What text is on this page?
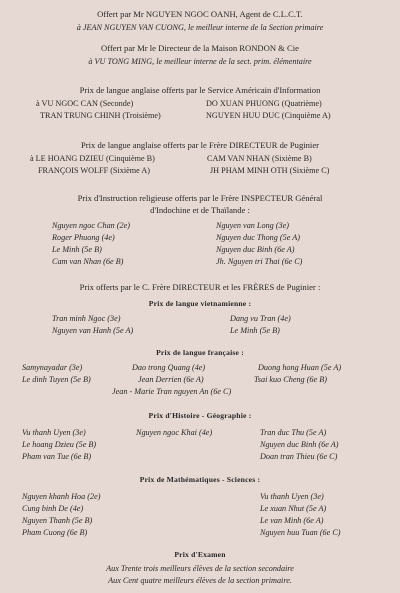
Offert par Mr NGUYEN NGOC OANH, Agent de C.L.C.T.
à JEAN NGUYEN VAN CUONG, le meilleur interne de la Section primaire
Offert par Mr le Directeur de la Maison RONDON & Cie
à VU TONG MING, le meilleur interne de la sect. prim. élémentaire
Prix de langue anglaise offerts par le Service Américain d'Information
à VU NGOC CAN (Seconde)	DO XUAN PHUONG (Quatrième)
TRAN TRUNG CHINH (Troisième)	NGUYEN HUU DUC (Cinquième A)
Prix de langue anglaise offerts par le Frère DIRECTEUR de Puginier
à LE HOANG DZIEU (Cinquième B)	CAM VAN NHAN (Sixième B)
FRANÇOIS WOLFF (Sixième A)	JH PHAM MINH OTH (Sixième C)
Prix d'Instruction religieuse offerts par le Frère INSPECTEUR Général
d'Indochine et de Thaïlande :
Nguyen ngoc Chan (2e)	Nguyen van Long (3e)
Roger Phuong (4e)	Nguyen duc Thong (5e A)
Le Minh (5e B)	Nguyen duc Binh (6e A)
Cam van Nhan (6e B)	Jh. Nguyen tri Thai (6e C)
Prix offerts par le C. Frère DIRECTEUR et les FRÈRES de Puginier :
Prix de langue vietnamienne :
Tran minh Ngoc (3e)	Dang vu Tran (4e)
Nguyen van Hanh (5e A)	Le Minh (5e B)
Prix de langue française :
Samynayadar (3e)	Dao trong Quang (4e)	Duong hong Huan (5e A)
Le dinh Tuyen (5e B)	Jean Derrien (6e A)	Tsai kuo Cheng (6e B)
Jean - Marie Tran nguyen An (6e C)
Prix d'Histoire - Géographie :
Vu thanh Uyen (3e)	Nguyen ngoc Khai (4e)	Tran duc Thu (5e A)
Le hoang Dzieu (5e B)	Nguyen duc Binh (6e A)
Pham van Tue (6e B)	Doan tran Thieu (6e C)
Prix de Mathématiques - Sciences :
Nguyen khanh Hoa (2e)	Vu thanh Uyen (3e)
Cung binh De (4e)	Le xuan Nhut (5e A)
Nguyen Thanh (5e B)	Le van Minh (6e A)
Pham Cuong (6e B)	Nguyen huu Tuan (6e C)
Prix d'Examen
Aux Trente trois meilleurs élèves de la section secondaire
Aux Cent quatre meilleurs élèves de la section primaire.
